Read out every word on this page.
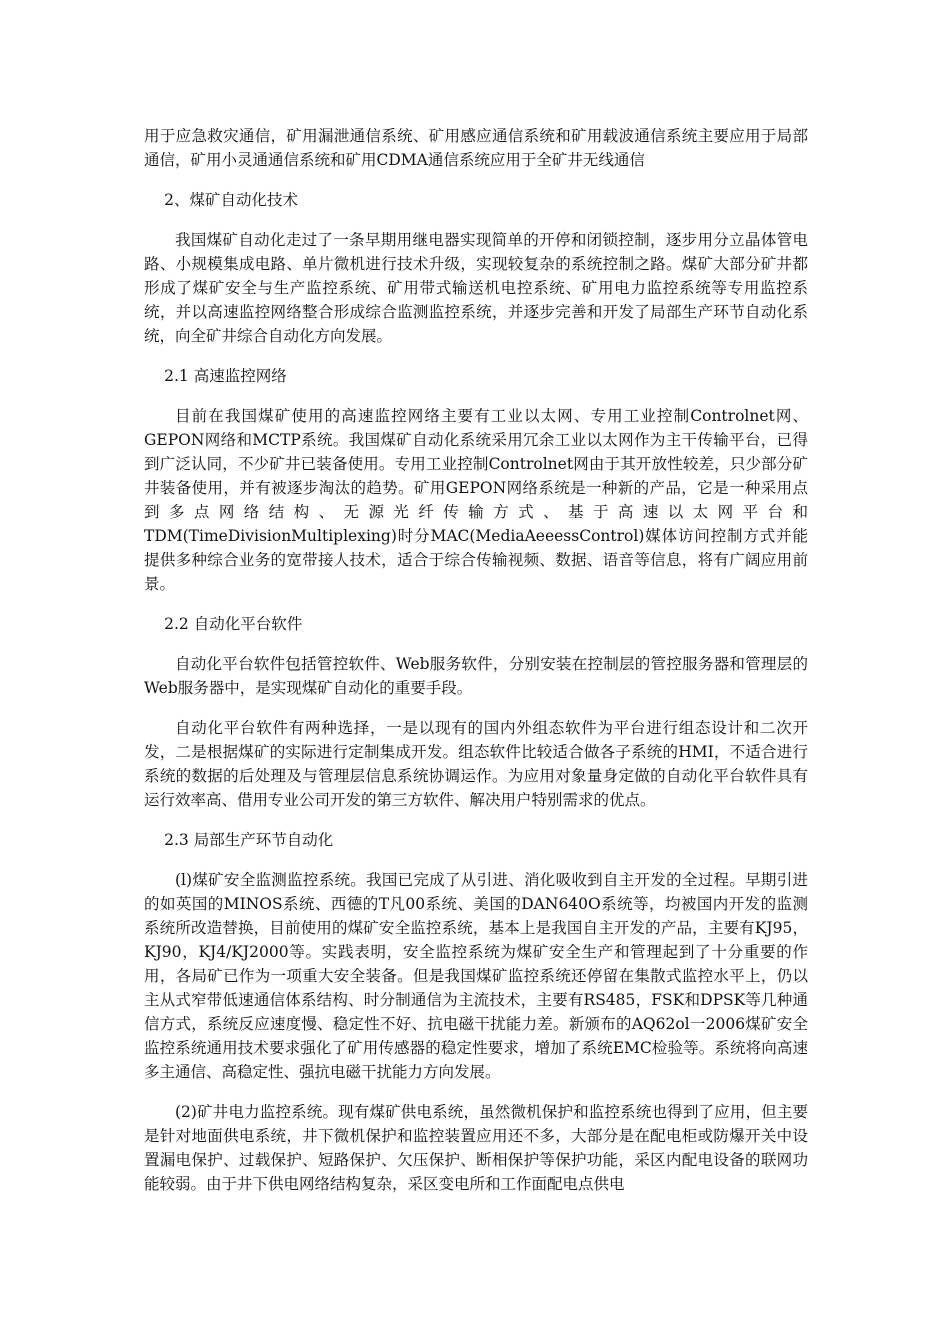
用于应急救灾通信，矿用漏泄通信系统、矿用感应通信系统和矿用载波通信系统主要应用于局部通信，矿用小灵通通信系统和矿用CDMA通信系统应用于全矿井无线通信

2、煤矿自动化技术

我国煤矿自动化走过了一条早期用继电器实现简单的开停和闭锁控制，逐步用分立晶体管电路、小规模集成电路、单片微机进行技术升级，实现较复杂的系统控制之路。煤矿大部分矿井都形成了煤矿安全与生产监控系统、矿用带式输送机电控系统、矿用电力监控系统等专用监控系统，并以高速监控网络整合形成综合监测监控系统，并逐步完善和开发了局部生产环节自动化系统，向全矿井综合自动化方向发展。

2.1 高速监控网络

目前在我国煤矿使用的高速监控网络主要有工业以太网、专用工业控制Controlnet网、GEPON网络和MCTP系统。我国煤矿自动化系统采用冗余工业以太网作为主干传输平台，已得到广泛认同，不少矿井已装备使用。专用工业控制Controlnet网由于其开放性较差，只少部分矿井装备使用，并有被逐步淘汰的趋势。矿用GEPON网络系统是一种新的产品，它是一种采用点到多点网络结构、无源光纤传输方式、基于高速以太网平台和TDM(TimeDivisionMultiplexing)时分MAC(MediaAeeessControl)媒体访问控制方式并能提供多种综合业务的宽带接人技术，适合于综合传输视频、数据、语音等信息，将有广阔应用前景。

2.2 自动化平台软件

自动化平台软件包括管控软件、Web服务软件，分别安装在控制层的管控服务器和管理层的Web服务器中，是实现煤矿自动化的重要手段。

自动化平台软件有两种选择，一是以现有的国内外组态软件为平台进行组态设计和二次开发，二是根据煤矿的实际进行定制集成开发。组态软件比较适合做各子系统的HMI，不适合进行系统的数据的后处理及与管理层信息系统协调运作。为应用对象量身定做的自动化平台软件具有运行效率高、借用专业公司开发的第三方软件、解决用户特别需求的优点。

2.3 局部生产环节自动化

(l)煤矿安全监测监控系统。我国已完成了从引进、消化吸收到自主开发的全过程。早期引进的如英国的MINOS系统、西德的T凡00系统、美国的DAN640O系统等，均被国内开发的监测系统所改造替换，目前使用的煤矿安全监控系统，基本上是我国自主开发的产品，主要有KJ95，KJ90，KJ4/KJ2000等。实践表明，安全监控系统为煤矿安全生产和管理起到了十分重要的作用，各局矿已作为一项重大安全装备。但是我国煤矿监控系统还停留在集散式监控水平上，仍以主从式窄带低速通信体系结构、时分制通信为主流技术，主要有RS485，FSK和DPSK等几种通信方式，系统反应速度慢、稳定性不好、抗电磁干扰能力差。新颁布的AQ62ol一2006煤矿安全监控系统通用技术要求强化了矿用传感器的稳定性要求，增加了系统EMC检验等。系统将向高速多主通信、高稳定性、强抗电磁干扰能力方向发展。

(2)矿井电力监控系统。现有煤矿供电系统，虽然微机保护和监控系统也得到了应用，但主要是针对地面供电系统，井下微机保护和监控装置应用还不多，大部分是在配电柜或防爆开关中设置漏电保护、过载保护、短路保护、欠压保护、断相保护等保护功能，采区内配电设备的联网功能较弱。由于井下供电网络结构复杂，采区变电所和工作面配电点供电
